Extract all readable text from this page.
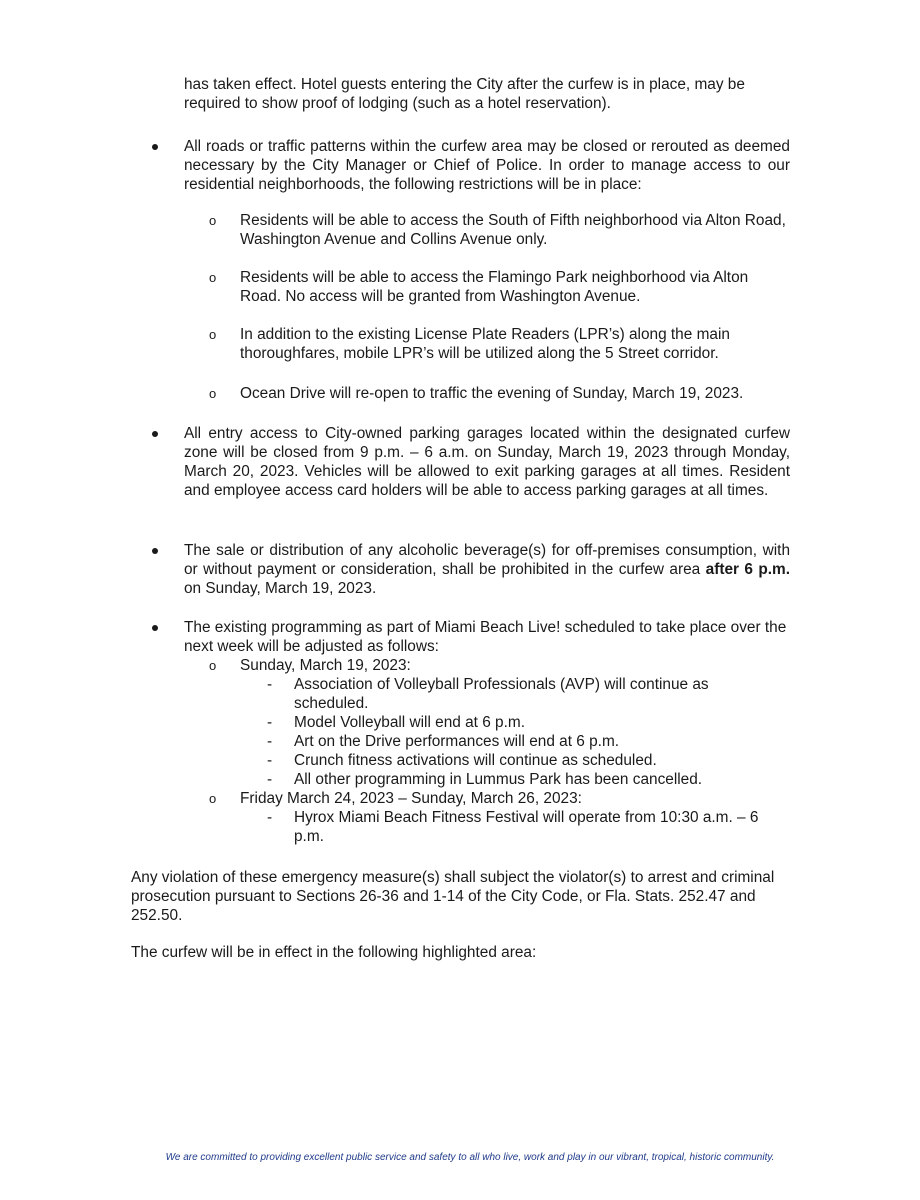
has taken effect. Hotel guests entering the City after the curfew is in place, may be required to show proof of lodging (such as a hotel reservation).

All roads or traffic patterns within the curfew area may be closed or rerouted as deemed necessary by the City Manager or Chief of Police. In order to manage access to our residential neighborhoods, the following restrictions will be in place:

o Residents will be able to access the South of Fifth neighborhood via Alton Road, Washington Avenue and Collins Avenue only.

o Residents will be able to access the Flamingo Park neighborhood via Alton Road. No access will be granted from Washington Avenue.

o In addition to the existing License Plate Readers (LPR’s) along the main thoroughfares, mobile LPR’s will be utilized along the 5 Street corridor.

o Ocean Drive will re-open to traffic the evening of Sunday, March 19, 2023.

All entry access to City-owned parking garages located within the designated curfew zone will be closed from 9 p.m. – 6 a.m. on Sunday, March 19, 2023 through Monday, March 20, 2023. Vehicles will be allowed to exit parking garages at all times. Resident and employee access card holders will be able to access parking garages at all times.

The sale or distribution of any alcoholic beverage(s) for off-premises consumption, with or without payment or consideration, shall be prohibited in the curfew area after 6 p.m. on Sunday, March 19, 2023.

The existing programming as part of Miami Beach Live! scheduled to take place over the next week will be adjusted as follows:

o Sunday, March 19, 2023:

- Association of Volleyball Professionals (AVP) will continue as scheduled.

- Model Volleyball will end at 6 p.m.

- Art on the Drive performances will end at 6 p.m.

- Crunch fitness activations will continue as scheduled.

- All other programming in Lummus Park has been cancelled.

o Friday March 24, 2023 – Sunday, March 26, 2023:

- Hyrox Miami Beach Fitness Festival will operate from 10:30 a.m. – 6 p.m.

Any violation of these emergency measure(s) shall subject the violator(s) to arrest and criminal prosecution pursuant to Sections 26-36 and 1-14 of the City Code, or Fla. Stats. 252.47 and 252.50.

The curfew will be in effect in the following highlighted area:

We are committed to providing excellent public service and safety to all who live, work and play in our vibrant, tropical, historic community.
